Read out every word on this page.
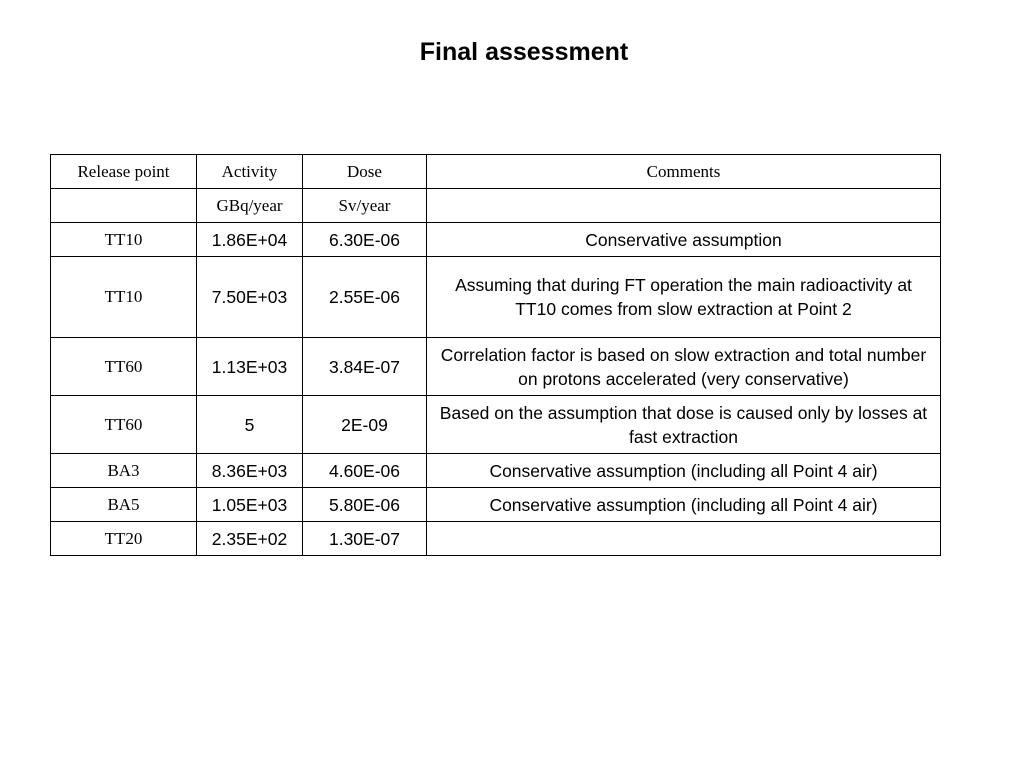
Final assessment
Release point	Activity	Dose	Comments
	GBq/year	Sv/year	
TT10	1.86E+04	6.30E-06	Conservative assumption
TT10	7.50E+03	2.55E-06	Assuming that during FT operation the main radioactivity at TT10 comes from slow extraction at Point 2
TT60	1.13E+03	3.84E-07	Correlation factor is based on slow extraction and total number on protons accelerated (very conservative)
TT60	5	2E-09	Based on the assumption that dose is caused only by losses at fast extraction
BA3	8.36E+03	4.60E-06	Conservative assumption (including all Point 4 air)
BA5	1.05E+03	5.80E-06	Conservative assumption (including all Point 4 air)
TT20	2.35E+02	1.30E-07	
